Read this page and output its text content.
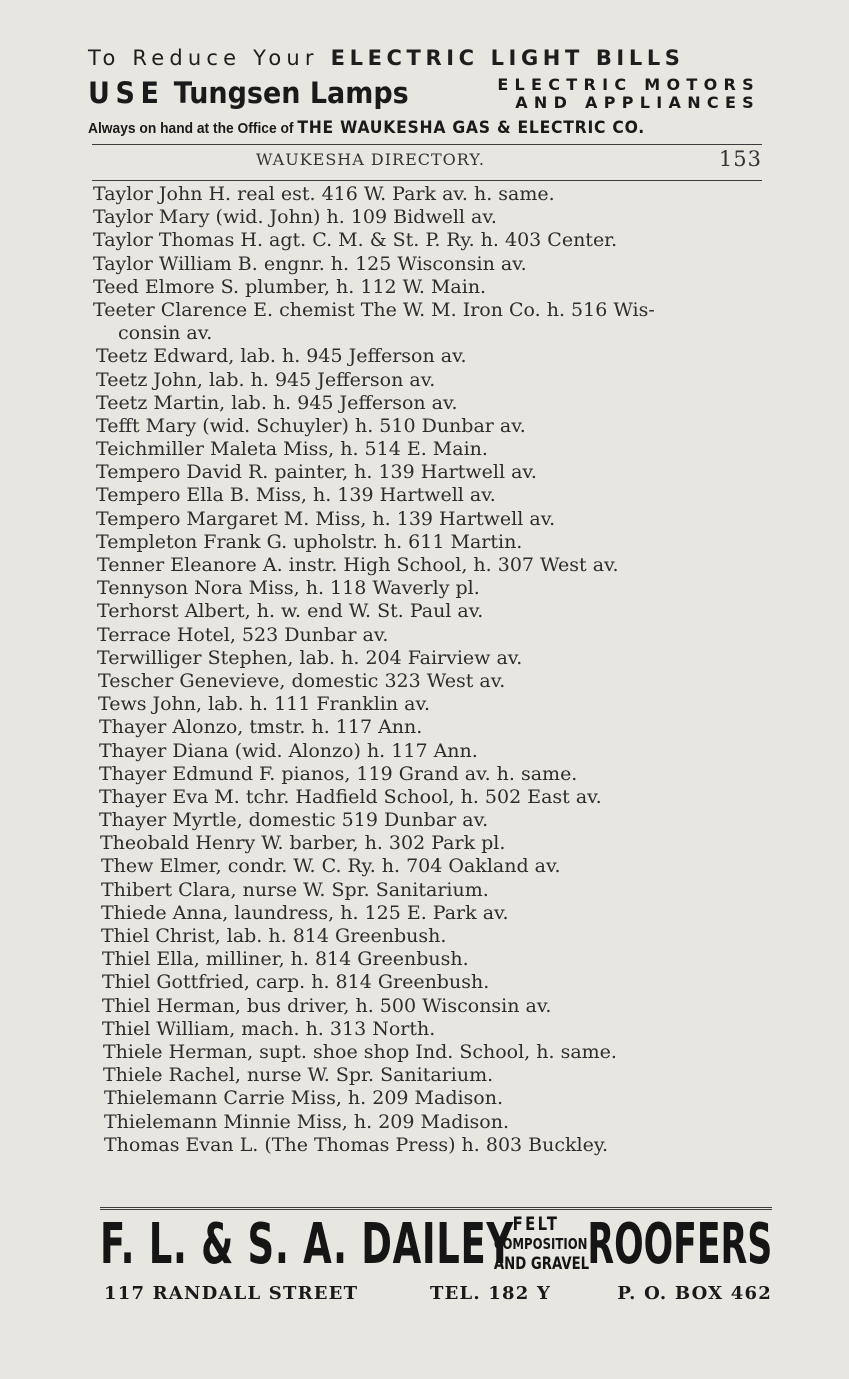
To Reduce Your ELECTRIC LIGHT BILLS
USE Tungsen Lamps	ELECTRIC MOTORS
AND APPLIANCES
Always on hand at the Office of THE WAUKESHA GAS & ELECTRIC CO.
WAUKESHA DIRECTORY.	153
Taylor John H. real est. 416 W. Park av. h. same.
Taylor Mary (wid. John) h. 109 Bidwell av.
Taylor Thomas H. agt. C. M. & St. P. Ry. h. 403 Center.
Taylor William B. engnr. h. 125 Wisconsin av.
Teed Elmore S. plumber, h. 112 W. Main.
Teeter Clarence E. chemist The W. M. Iron Co. h. 516 Wis-
consin av.
Teetz Edward, lab. h. 945 Jefferson av.
Teetz John, lab. h. 945 Jefferson av.
Teetz Martin, lab. h. 945 Jefferson av.
Tefft Mary (wid. Schuyler) h. 510 Dunbar av.
Teichmiller Maleta Miss, h. 514 E. Main.
Tempero David R. painter, h. 139 Hartwell av.
Tempero Ella B. Miss, h. 139 Hartwell av.
Tempero Margaret M. Miss, h. 139 Hartwell av.
Templeton Frank G. upholstr. h. 611 Martin.
Tenner Eleanore A. instr. High School, h. 307 West av.
Tennyson Nora Miss, h. 118 Waverly pl.
Terhorst Albert, h. w. end W. St. Paul av.
Terrace Hotel, 523 Dunbar av.
Terwilliger Stephen, lab. h. 204 Fairview av.
Tescher Genevieve, domestic 323 West av.
Tews John, lab. h. 111 Franklin av.
Thayer Alonzo, tmstr. h. 117 Ann.
Thayer Diana (wid. Alonzo) h. 117 Ann.
Thayer Edmund F. pianos, 119 Grand av. h. same.
Thayer Eva M. tchr. Hadfield School, h. 502 East av.
Thayer Myrtle, domestic 519 Dunbar av.
Theobald Henry W. barber, h. 302 Park pl.
Thew Elmer, condr. W. C. Ry. h. 704 Oakland av.
Thibert Clara, nurse W. Spr. Sanitarium.
Thiede Anna, laundress, h. 125 E. Park av.
Thiel Christ, lab. h. 814 Greenbush.
Thiel Ella, milliner, h. 814 Greenbush.
Thiel Gottfried, carp. h. 814 Greenbush.
Thiel Herman, bus driver, h. 500 Wisconsin av.
Thiel William, mach. h. 313 North.
Thiele Herman, supt. shoe shop Ind. School, h. same.
Thiele Rachel, nurse W. Spr. Sanitarium.
Thielemann Carrie Miss, h. 209 Madison.
Thielemann Minnie Miss, h. 209 Madison.
Thomas Evan L. (The Thomas Press) h. 803 Buckley.
F. L. & S. A. DAILEY
FELT
COMPOSITION
AND GRAVEL
ROOFERS
117 RANDALL STREET	TEL. 182 Y	P. O. BOX 462
